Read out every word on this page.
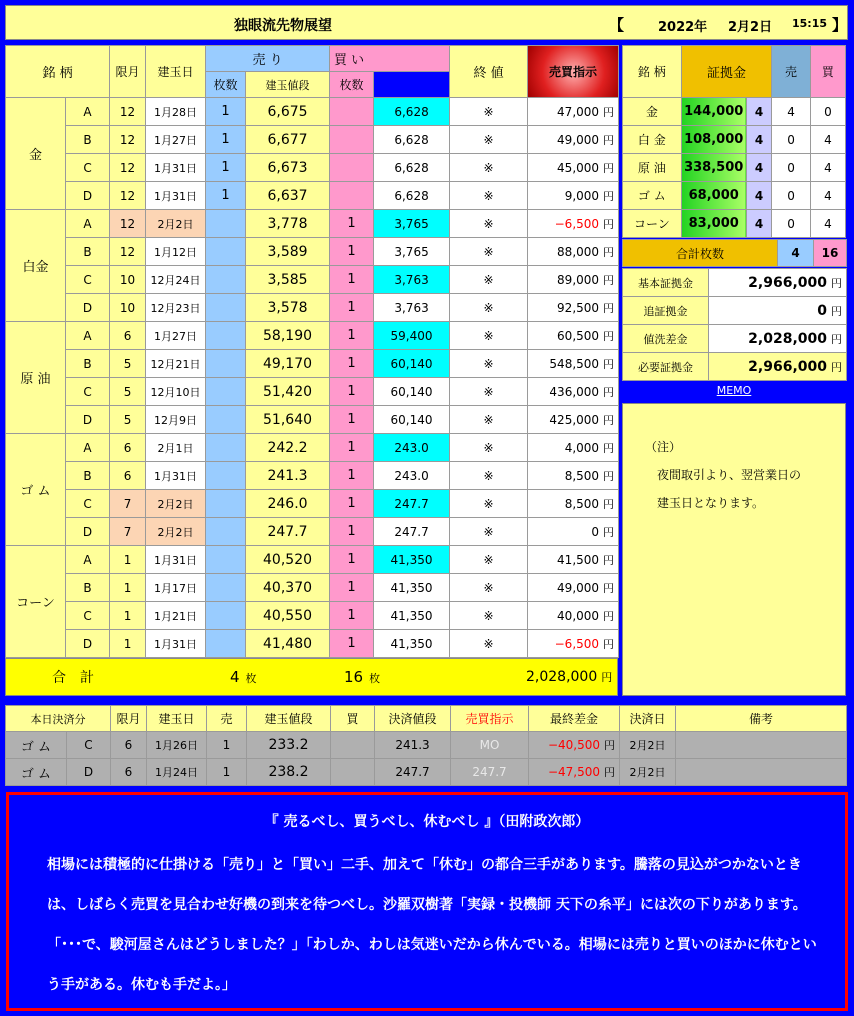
独眼流先物展望	【	2022年 2月2日 15:15 】
銘 柄		限月	建玉日	売 り		買 い		終 値	売買指示	
				枚数	建玉値段	枚数				
金	A	12	1月28日	1	6,675		6,628	※	47,000 円	
	B	12	1月27日	1	6,677		6,628	※	49,000 円	
	C	12	1月31日	1	6,673		6,628	※	45,000 円	
	D	12	1月31日	1	6,637		6,628	※	9,000 円	
白金	A	12	2月2日		3,778	1	3,765	※	−6,500 円	
	B	12	1月12日		3,589	1	3,765	※	88,000 円	
	C	10	12月24日		3,585	1	3,763	※	89,000 円	
	D	10	12月23日		3,578	1	3,763	※	92,500 円	
原 油	A	6	1月27日		58,190	1	59,400	※	60,500 円	
	B	5	12月21日		49,170	1	60,140	※	548,500 円	
	C	5	12月10日		51,420	1	60,140	※	436,000 円	
	D	5	12月9日		51,640	1	60,140	※	425,000 円	
ゴ ム	A	6	2月1日		242.2	1	243.0	※	4,000 円	
	B	6	1月31日		241.3	1	243.0	※	8,500 円	
	C	7	2月2日		246.0	1	247.7	※	8,500 円	
	D	7	2月2日		247.7	1	247.7	※	0 円	
コーン	A	1	1月31日		40,520	1	41,350	※	41,500 円	
	B	1	1月17日		40,370	1	41,350	※	49,000 円	
	C	1	1月21日		40,550	1	41,350	※	40,000 円	
	D	1	1月31日		41,480	1	41,350	※	−6,500 円	
合　計	4 枚	16 枚	2,028,000 円
銘 柄	証拠金		売	買
金	144,000	4	4	0
白 金	108,000	4	0	4
原 油	338,500	4	0	4
ゴ ム	68,000	4	0	4
コーン	83,000	4	0	4
合計枚数	4	16
基本証拠金	2,966,000 円
追証拠金	0 円
値洗差金	2,028,000 円
必要証拠金	2,966,000 円
MEMO
（注）
夜間取引より、翌営業日の
建玉日となります。
本日決済分		限月	建玉日	売	建玉値段	買	決済値段	売買指示	最終差金	決済日	備考
ゴ ム	C	6	1月26日	1	233.2		241.3	MO	−40,500 円	2月2日	
ゴ ム	D	6	1月24日	1	238.2		247.7	247.7	−47,500 円	2月2日	
『 売るべし、買うべし、休むべし 』（田附政次郎）
相場には積極的に仕掛ける「売り」と「買い」二手、加えて「休む」の都合三手があります。騰落の見込がつかないときは、しばらく売買を見合わせ好機の到来を待つべし。沙羅双樹著「実録・投機師 天下の糸平」には次の下りがあります。「･･･で、駿河屋さんはどうしました？」「わしか、わしは気迷いだから休んでいる。相場には売りと買いのほかに休むという手がある。休むも手だよ。」
